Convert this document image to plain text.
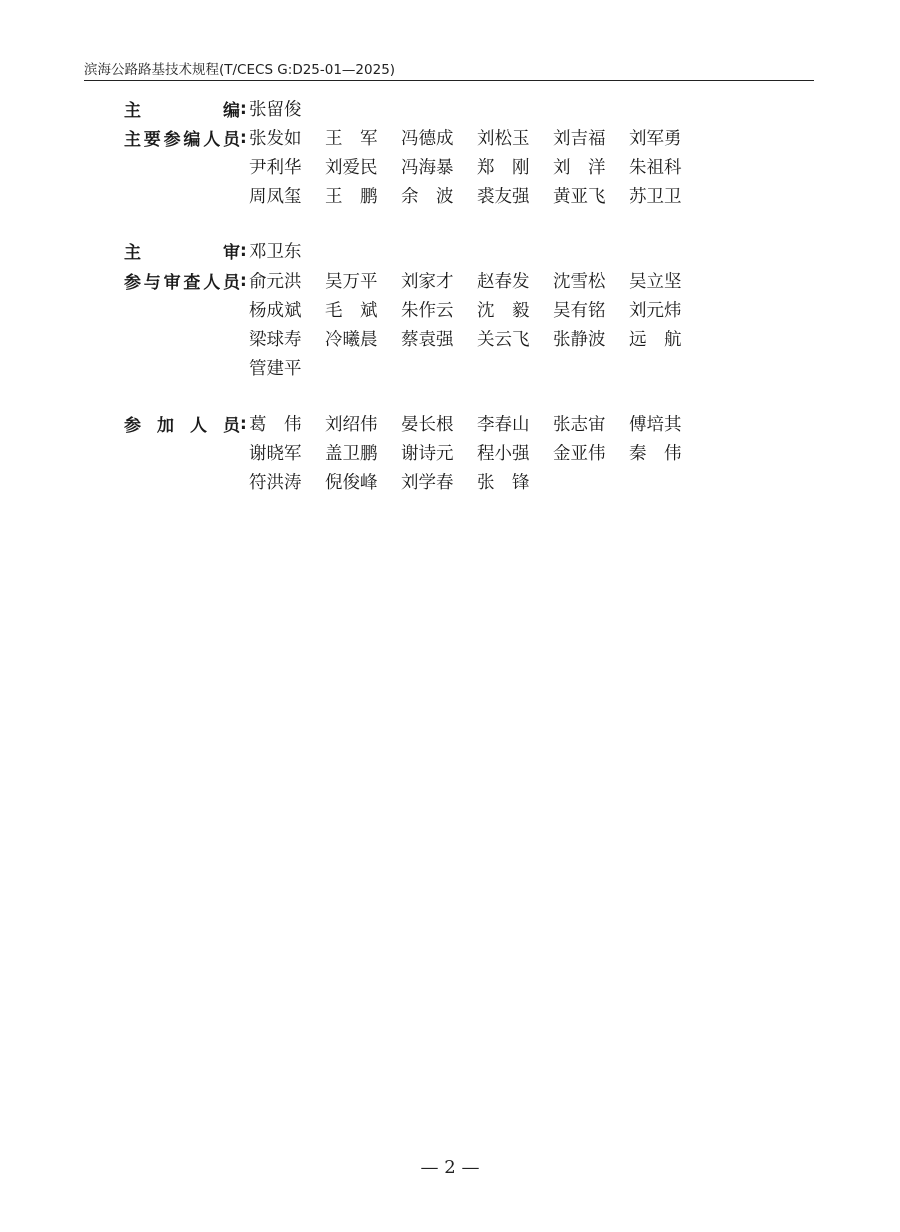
滨海公路路基技术规程(T/CECS G:D25-01—2025)
主	编 : 张留俊
主 要 参 编 人 员 : 张发如	王　军	冯德成	刘松玉	刘吉福	刘军勇
尹利华	刘爱民	冯海暴	郑　刚	刘　洋	朱祖科
周凤玺	王　鹏	余　波	裘友强	黄亚飞	苏卫卫
主	审 : 邓卫东
参 与 审 查 人 员 : 俞元洪	吴万平	刘家才	赵春发	沈雪松	吴立坚
杨成斌	毛　斌	朱作云	沈　毅	吴有铭	刘元炜
梁球寿	冷曦晨	蔡袁强	关云飞	张静波	远　航
管建平
参 加 人 员 : 葛　伟	刘绍伟	晏长根	李春山	张志宙	傅培其
谢晓军	盖卫鹏	谢诗元	程小强	金亚伟	秦　伟
符洪涛	倪俊峰	刘学春	张　锋
— 2 —
